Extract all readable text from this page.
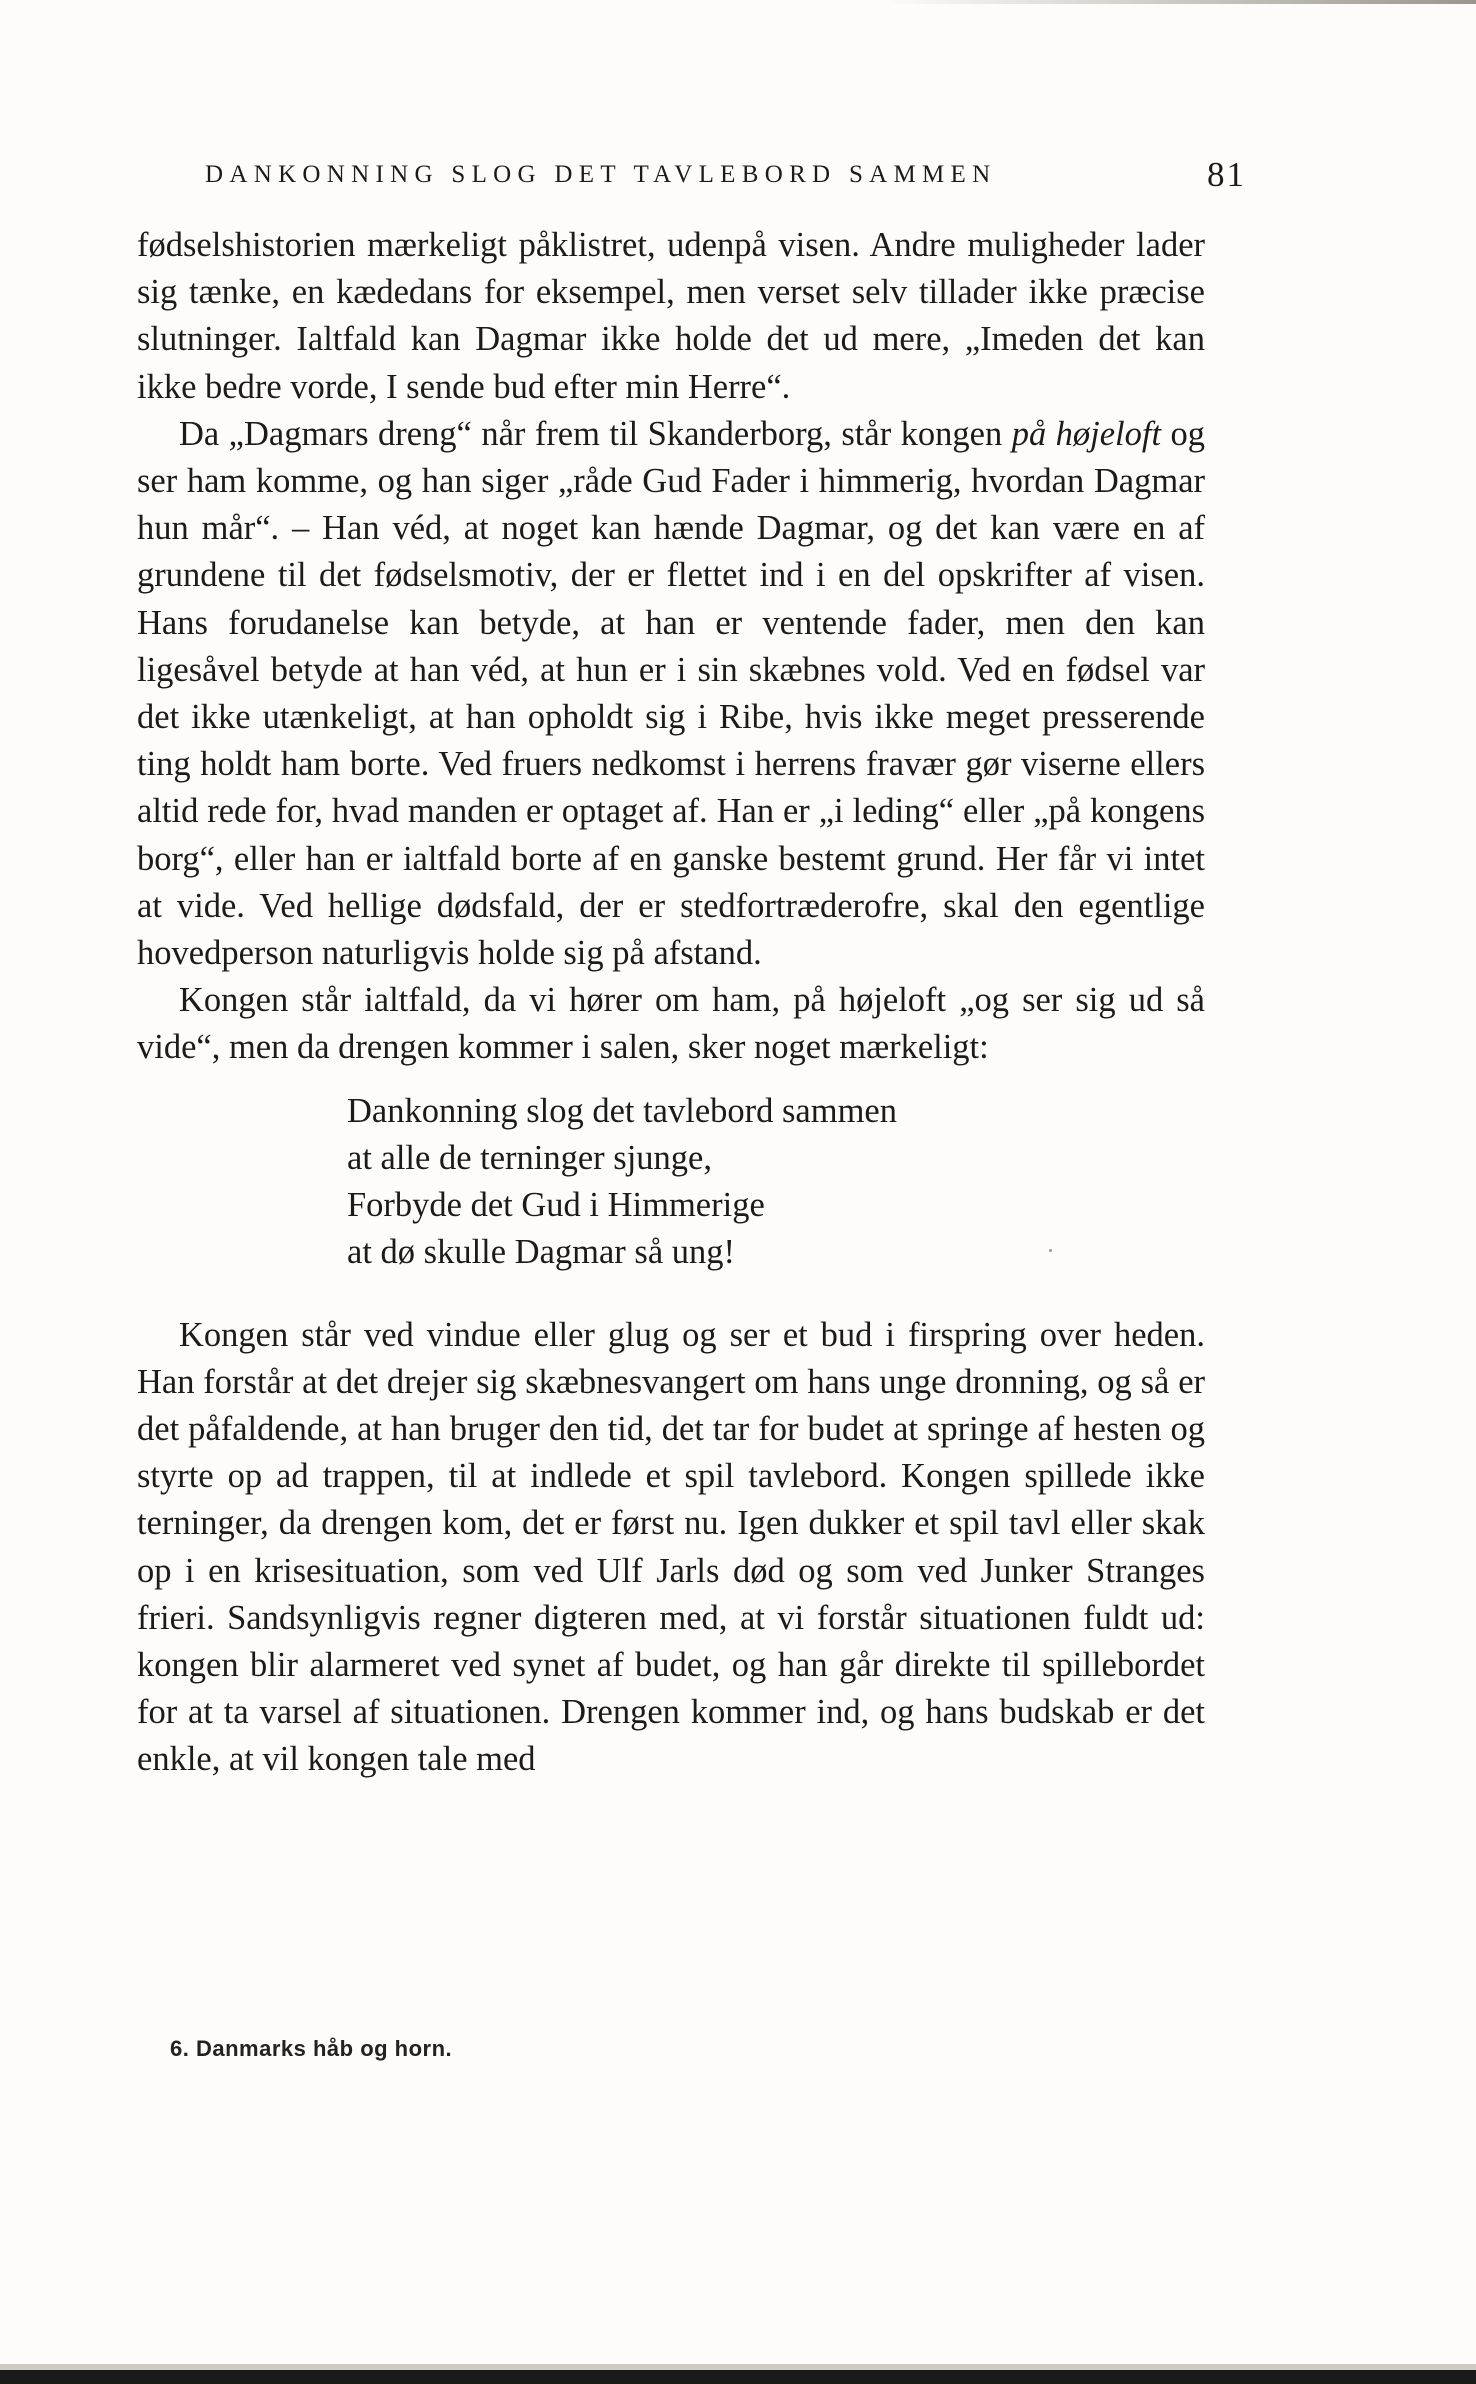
DANKONNING SLOG DET TAVLEBORD SAMMEN	81

fødselshistorien mærkeligt påklistret, udenpå visen. Andre muligheder lader sig tænke, en kædedans for eksempel, men verset selv tillader ikke præcise slutninger. Ialtfald kan Dagmar ikke holde det ud mere, „Imeden det kan ikke bedre vorde, I sende bud efter min Herre“.

Da „Dagmars dreng“ når frem til Skanderborg, står kongen på højeloft og ser ham komme, og han siger „råde Gud Fader i himmerig, hvordan Dagmar hun mår“. – Han véd, at noget kan hænde Dagmar, og det kan være en af grundene til det fødselsmotiv, der er flettet ind i en del opskrifter af visen. Hans forudanelse kan betyde, at han er ventende fader, men den kan ligesåvel betyde at han véd, at hun er i sin skæbnes vold. Ved en fødsel var det ikke utænkeligt, at han opholdt sig i Ribe, hvis ikke meget presserende ting holdt ham borte. Ved fruers nedkomst i herrens fravær gør viserne ellers altid rede for, hvad manden er optaget af. Han er „i leding“ eller „på kongens borg“, eller han er ialtfald borte af en ganske bestemt grund. Her får vi intet at vide. Ved hellige dødsfald, der er stedfortræderofre, skal den egentlige hovedperson naturligvis holde sig på afstand.

Kongen står ialtfald, da vi hører om ham, på højeloft „og ser sig ud så vide“, men da drengen kommer i salen, sker noget mærkeligt:

Dankonning slog det tavlebord sammen
at alle de terninger sjunge,
Forbyde det Gud i Himmerige
at dø skulle Dagmar så ung!

Kongen står ved vindue eller glug og ser et bud i firspring over heden. Han forstår at det drejer sig skæbnesvangert om hans unge dronning, og så er det påfaldende, at han bruger den tid, det tar for budet at springe af hesten og styrte op ad trappen, til at indlede et spil tavlebord. Kongen spillede ikke terninger, da drengen kom, det er først nu. Igen dukker et spil tavl eller skak op i en krisesituation, som ved Ulf Jarls død og som ved Junker Stranges frieri. Sandsynligvis regner digteren med, at vi forstår situationen fuldt ud: kongen blir alarmeret ved synet af budet, og han går direkte til spillebordet for at ta varsel af situationen. Drengen kommer ind, og hans budskab er det enkle, at vil kongen tale med

6. Danmarks håb og horn.
